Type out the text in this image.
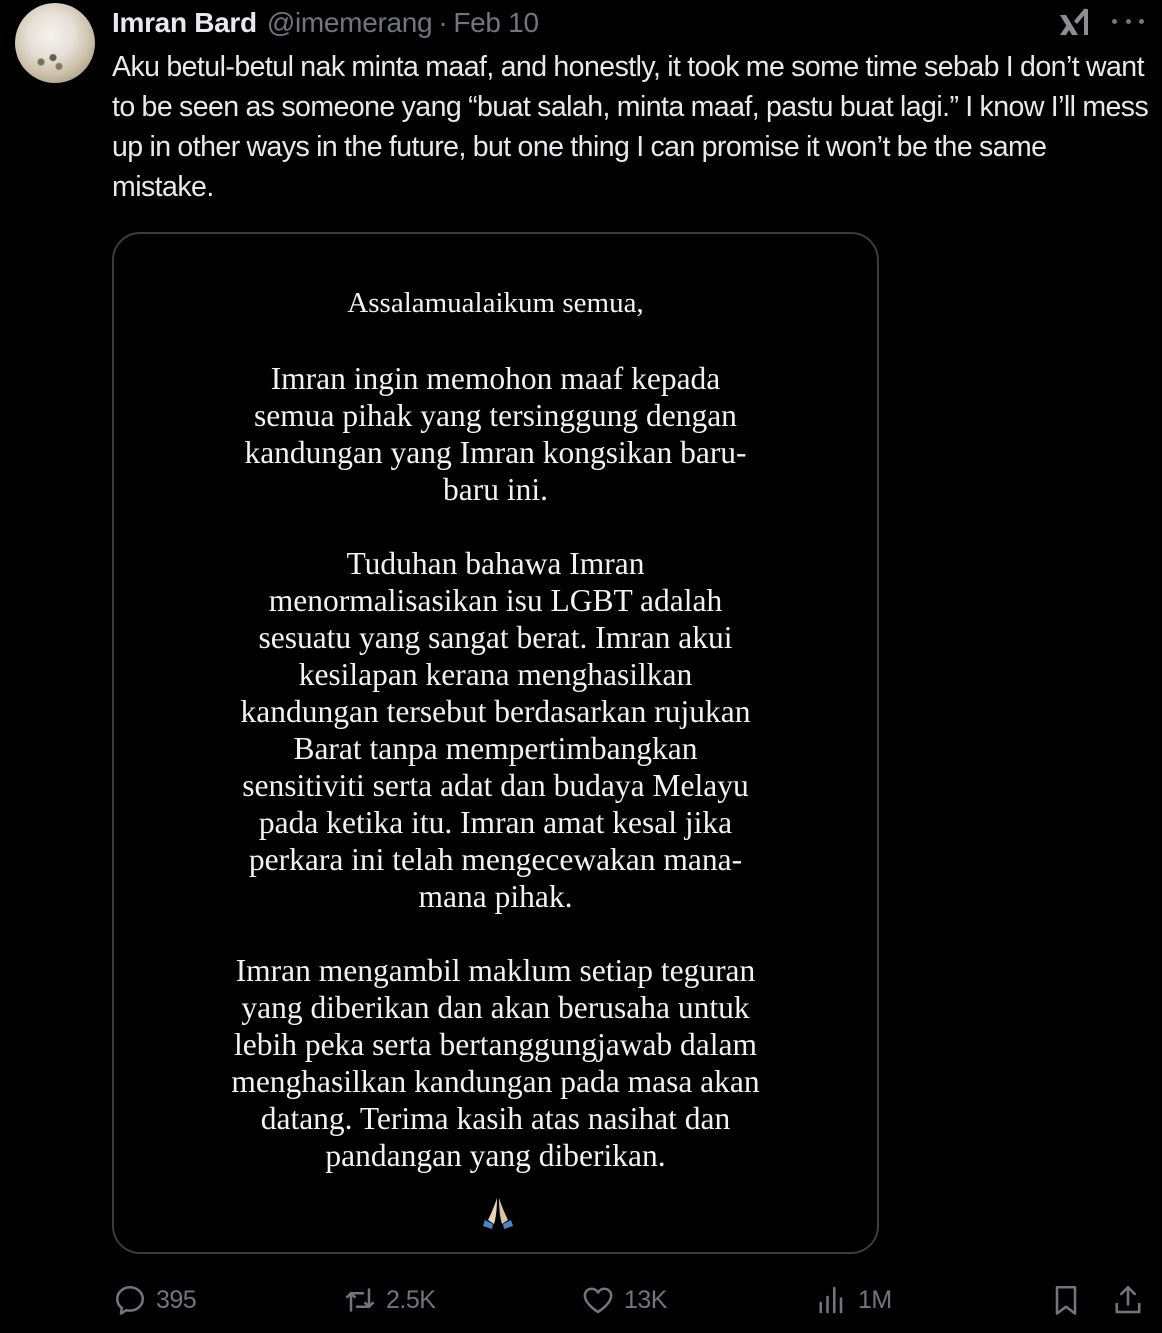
Imran Bard @imemerang · Feb 10
Aku betul-betul nak minta maaf, and honestly, it took me some time sebab I don’t want to be seen as someone yang “buat salah, minta maaf, pastu buat lagi.” I know I’ll mess up in other ways in the future, but one thing I can promise it won’t be the same mistake.

Assalamualaikum semua,

Imran ingin memohon maaf kepada

semua pihak yang tersinggung dengan

kandungan yang Imran kongsikan baru-

baru ini.

Tuduhan bahawa Imran

menormalisasikan isu LGBT adalah

sesuatu yang sangat berat. Imran akui

kesilapan kerana menghasilkan

kandungan tersebut berdasarkan rujukan

Barat tanpa mempertimbangkan

sensitiviti serta adat dan budaya Melayu

pada ketika itu. Imran amat kesal jika

perkara ini telah mengecewakan mana-

mana pihak.

Imran mengambil maklum setiap teguran

yang diberikan dan akan berusaha untuk

lebih peka serta bertanggungjawab dalam

menghasilkan kandungan pada masa akan

datang. Terima kasih atas nasihat dan

pandangan yang diberikan.

395	2.5K	13K	1M
